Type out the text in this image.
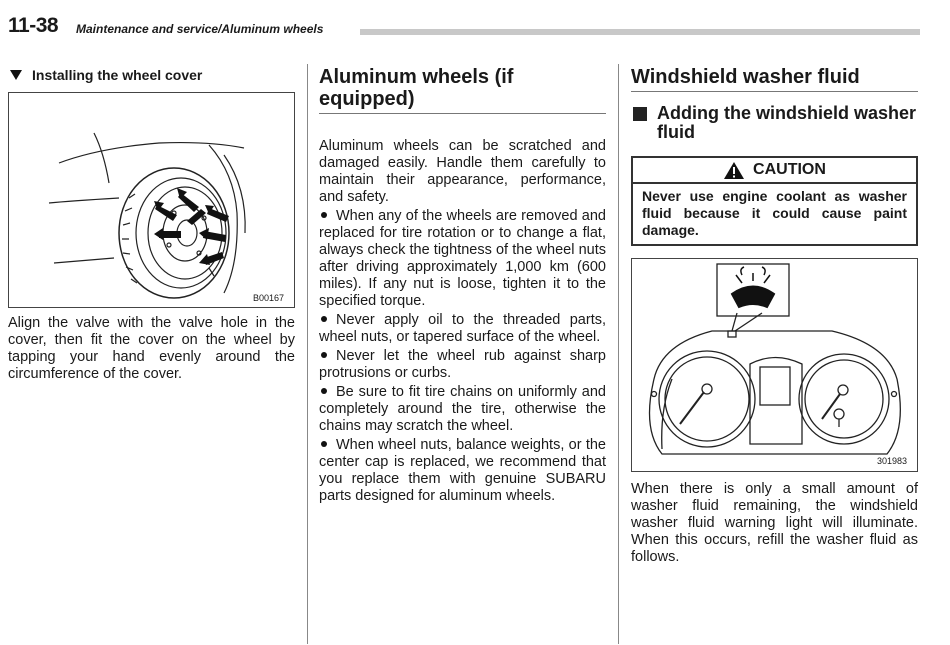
11-38 Maintenance and service/Aluminum wheels
Installing the wheel cover
B00167

Align the valve with the valve hole in the cover, then fit the cover on the wheel by tapping your hand evenly around the circumference of the cover.

Aluminum wheels (if equipped)

Aluminum wheels can be scratched and damaged easily. Handle them carefully to maintain their appearance, performance, and safety.

When any of the wheels are removed and replaced for tire rotation or to change a flat, always check the tightness of the wheel nuts after driving approximately 1,000 km (600 miles). If any nut is loose, tighten it to the specified torque.
Never apply oil to the threaded parts, wheel nuts, or tapered surface of the wheel.
Never let the wheel rub against sharp protrusions or curbs.
Be sure to fit tire chains on uniformly and completely around the tire, otherwise the chains may scratch the wheel.
When wheel nuts, balance weights, or the center cap is replaced, we recommend that you replace them with genuine SUBARU parts designed for aluminum wheels.
Windshield washer fluid
Adding the windshield washer fluid
CAUTION
Never use engine coolant as washer fluid because it could cause paint damage.
301983

When there is only a small amount of washer fluid remaining, the windshield washer fluid warning light will illuminate. When this occurs, refill the washer fluid as follows.
